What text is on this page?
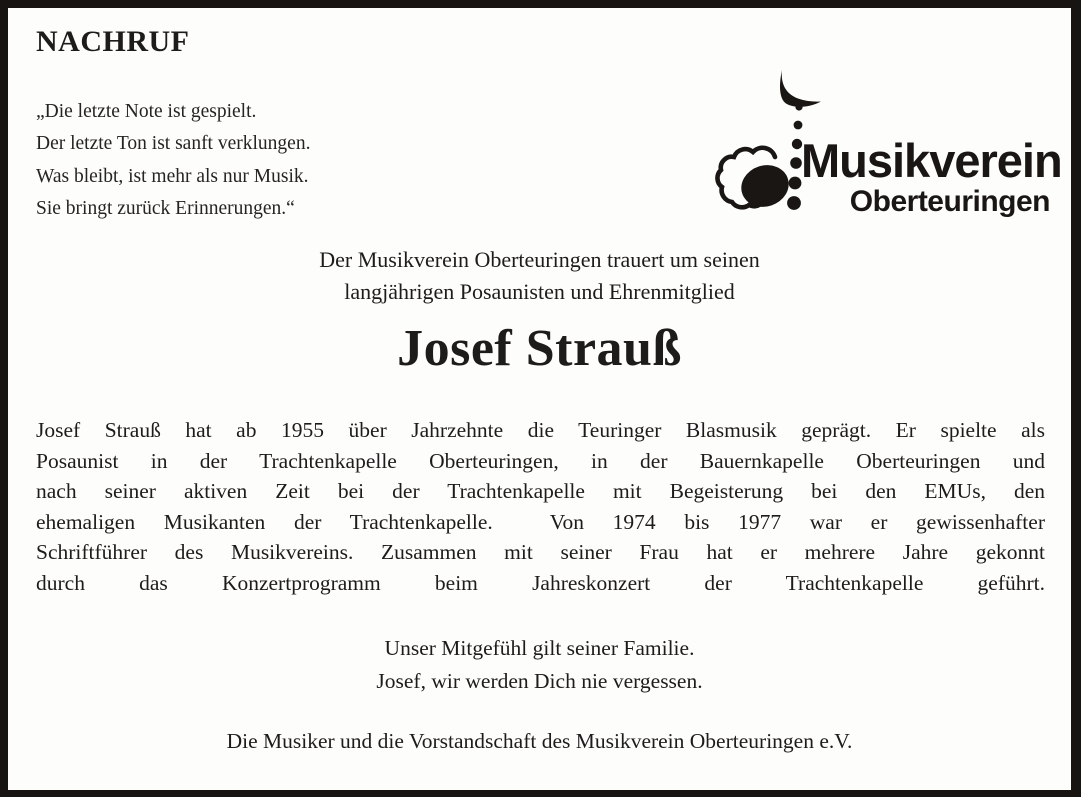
NACHRUF
„Die letzte Note ist gespielt.
Der letzte Ton ist sanft verklungen.
Was bleibt, ist mehr als nur Musik.
Sie bringt zurück Erinnerungen.“
Musikverein
Oberteuringen
Der Musikverein Oberteuringen trauert um seinen
langjährigen Posaunisten und Ehrenmitglied
Josef Strauß
Josef Strauß hat ab 1955 über Jahrzehnte die Teuringer Blasmusik geprägt. Er spielte als
Posaunist in der Trachtenkapelle Oberteuringen, in der Bauernkapelle Oberteuringen und
nach seiner aktiven Zeit bei der Trachtenkapelle mit Begeisterung bei den EMUs, den
ehemaligen Musikanten der Trachtenkapelle.  Von 1974 bis 1977 war er gewissenhafter
Schriftführer des Musikvereins. Zusammen mit seiner Frau hat er mehrere Jahre gekonnt
durch das Konzertprogramm beim Jahreskonzert der Trachtenkapelle geführt.
Unser Mitgefühl gilt seiner Familie.
Josef, wir werden Dich nie vergessen.
Die Musiker und die Vorstandschaft des Musikverein Oberteuringen e.V.
